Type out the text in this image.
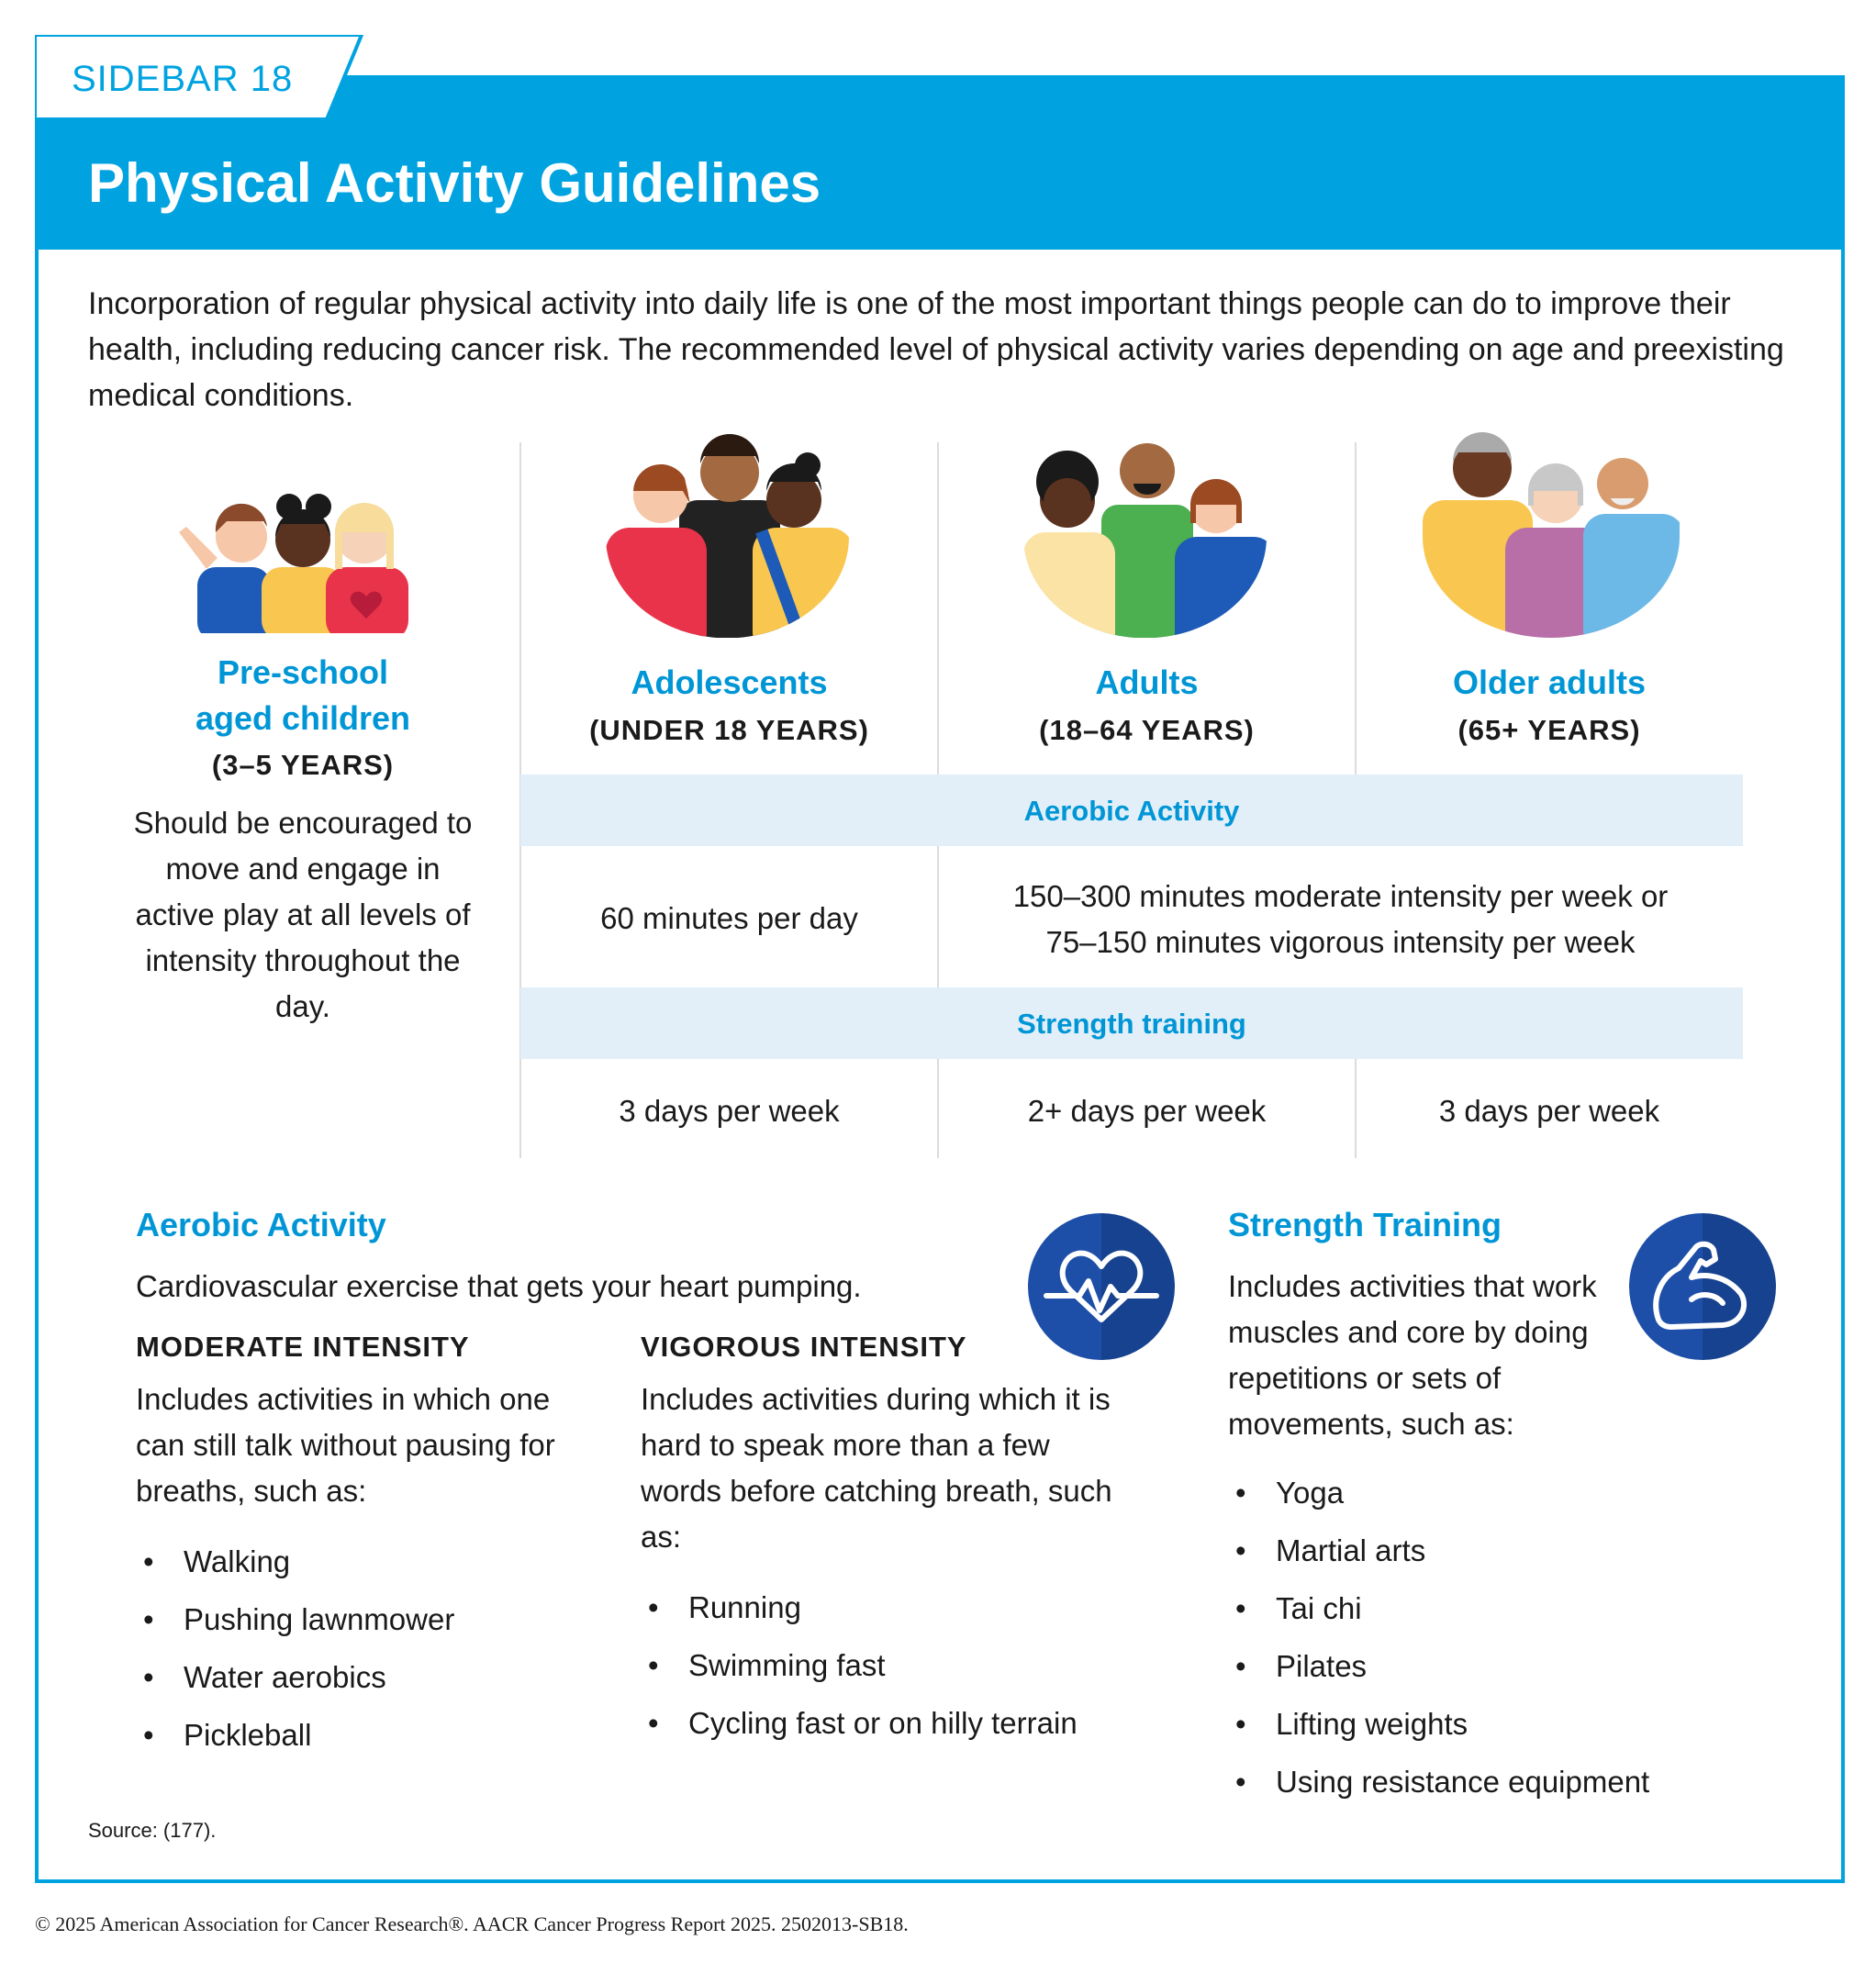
SIDEBAR 18
Physical Activity Guidelines
Incorporation of regular physical activity into daily life is one of the most important things people can do to improve their health, including reducing cancer risk. The recommended level of physical activity varies depending on age and preexisting medical conditions.
Pre-school
aged children
(3–5 YEARS)
Should be encouraged to move and engage in active play at all levels of intensity throughout the day.
Adolescents
(UNDER 18 YEARS)
Adults
(18–64 YEARS)
Older adults
(65+ YEARS)
Aerobic Activity
60 minutes per day
150–300 minutes moderate intensity per week or
75–150 minutes vigorous intensity per week
Strength training
3 days per week	2+ days per week	3 days per week
Aerobic Activity
Cardiovascular exercise that gets your heart pumping.
MODERATE INTENSITY
Includes activities in which one can still talk without pausing for breaths, such as:
• Walking
• Pushing lawnmower
• Water aerobics
• Pickleball
VIGOROUS INTENSITY
Includes activities during which it is hard to speak more than a few words before catching breath, such as:
• Running
• Swimming fast
• Cycling fast or on hilly terrain
Strength Training
Includes activities that work muscles and core by doing repetitions or sets of movements, such as:
• Yoga
• Martial arts
• Tai chi
• Pilates
• Lifting weights
• Using resistance equipment
Source: (177).
© 2025 American Association for Cancer Research®. AACR Cancer Progress Report 2025. 2502013-SB18.
